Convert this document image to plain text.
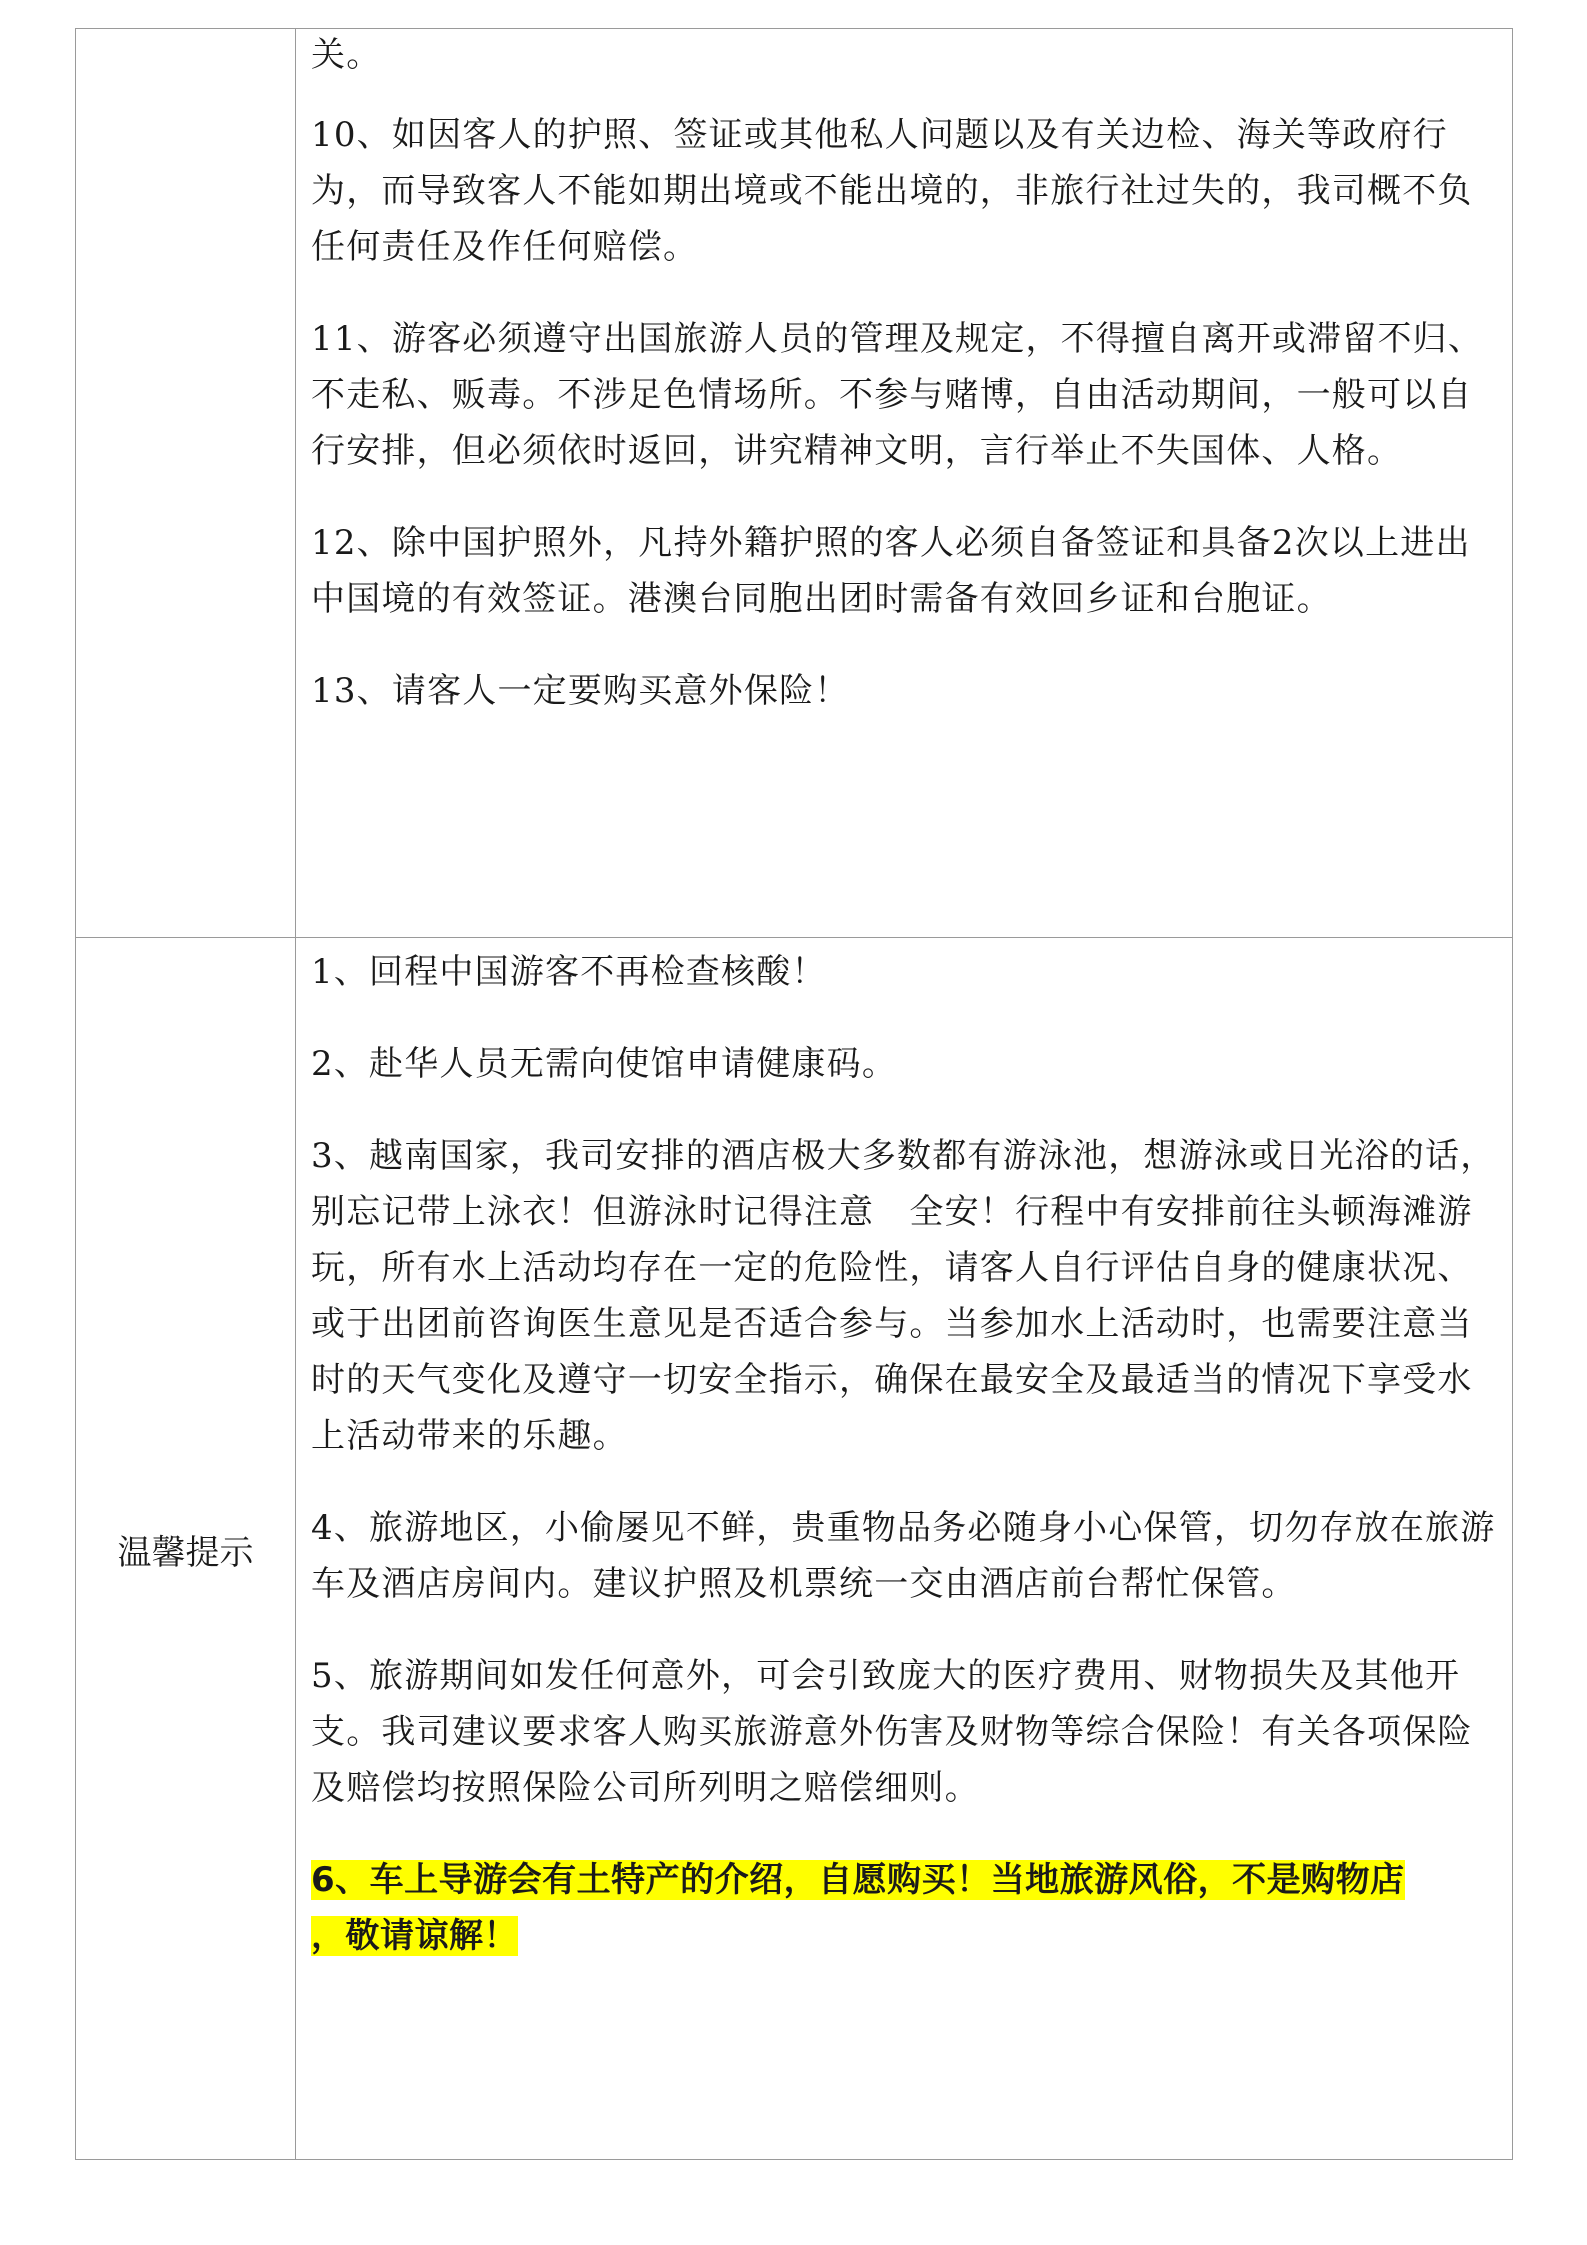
关。

10、如因客人的护照、签证或其他私人问题以及有关边检、海关等政府行为，而导致客人不能如期出境或不能出境的，非旅行社过失的，我司概不负任何责任及作任何赔偿。

11、游客必须遵守出国旅游人员的管理及规定，不得擅自离开或滞留不归、不走私、贩毒。不涉足色情场所。不参与赌博，自由活动期间，一般可以自行安排，但必须依时返回，讲究精神文明，言行举止不失国体、人格。

12、除中国护照外，凡持外籍护照的客人必须自备签证和具备2次以上进出中国境的有效签证。港澳台同胞出团时需备有效回乡证和台胞证。

13、请客人一定要购买意外保险！

温馨提示

1、回程中国游客不再检查核酸！

2、赴华人员无需向使馆申请健康码。

3、越南国家，我司安排的酒店极大多数都有游泳池，想游泳或日光浴的话，别忘记带上泳衣！但游泳时记得注意　全安！行程中有安排前往头顿海滩游玩，所有水上活动均存在一定的危险性，请客人自行评估自身的健康状况、或于出团前咨询医生意见是否适合参与。当参加水上活动时，也需要注意当时的天气变化及遵守一切安全指示，确保在最安全及最适当的情况下享受水上活动带来的乐趣。

4、旅游地区，小偷屡见不鲜，贵重物品务必随身小心保管，切勿存放在旅游车及酒店房间内。建议护照及机票统一交由酒店前台帮忙保管。

5、旅游期间如发任何意外，可会引致庞大的医疗费用、财物损失及其他开支。我司建议要求客人购买旅游意外伤害及财物等综合保险！有关各项保险及赔偿均按照保险公司所列明之赔偿细则。

6、车上导游会有土特产的介绍，自愿购买！当地旅游风俗，不是购物店
，敬请谅解！
